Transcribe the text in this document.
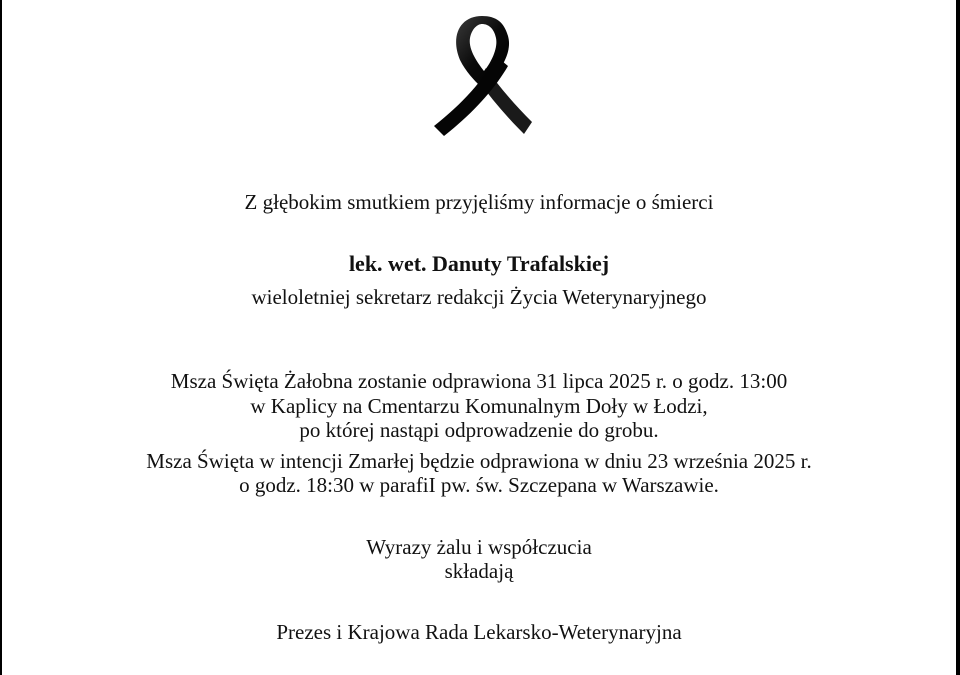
Z głębokim smutkiem przyjęliśmy informacje o śmierci
lek. wet. Danuty Trafalskiej
wieloletniej sekretarz redakcji Życia Weterynaryjnego
Msza Święta Żałobna zostanie odprawiona 31 lipca 2025 r. o godz. 13:00
w Kaplicy na Cmentarzu Komunalnym Doły w Łodzi,
po której nastąpi odprowadzenie do grobu.
Msza Święta w intencji Zmarłej będzie odprawiona w dniu 23 września 2025 r.
o godz. 18:30 w parafiI pw. św. Szczepana w Warszawie.
Wyrazy żalu i współczucia
składają
Prezes i Krajowa Rada Lekarsko-Weterynaryjna
